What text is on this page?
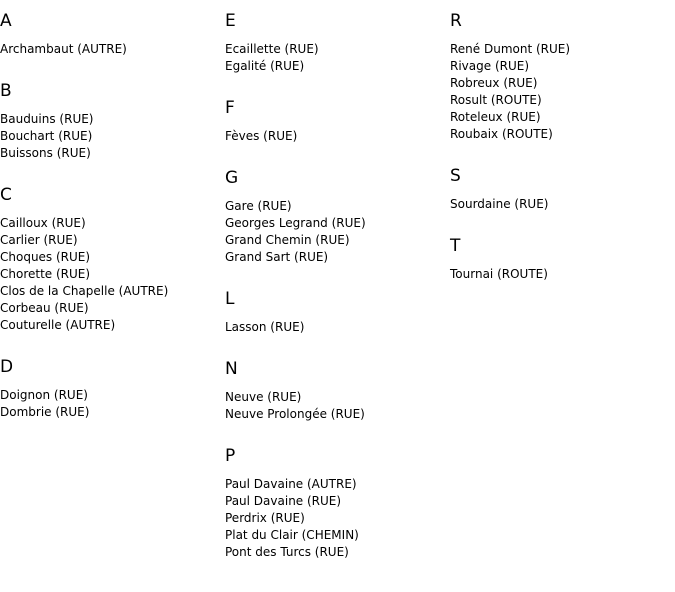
A
Archambaut (AUTRE)
B
Bauduins (RUE)
Bouchart (RUE)
Buissons (RUE)
C
Cailloux (RUE)
Carlier (RUE)
Choques (RUE)
Chorette (RUE)
Clos de la Chapelle (AUTRE)
Corbeau (RUE)
Couturelle (AUTRE)
D
Doignon (RUE)
Dombrie (RUE)
E
Ecaillette (RUE)
Egalité (RUE)
F
Fèves (RUE)
G
Gare (RUE)
Georges Legrand (RUE)
Grand Chemin (RUE)
Grand Sart (RUE)
L
Lasson (RUE)
N
Neuve (RUE)
Neuve Prolongée (RUE)
P
Paul Davaine (AUTRE)
Paul Davaine (RUE)
Perdrix (RUE)
Plat du Clair (CHEMIN)
Pont des Turcs (RUE)
R
René Dumont (RUE)
Rivage (RUE)
Robreux (RUE)
Rosult (ROUTE)
Roteleux (RUE)
Roubaix (ROUTE)
S
Sourdaine (RUE)
T
Tournai (ROUTE)
